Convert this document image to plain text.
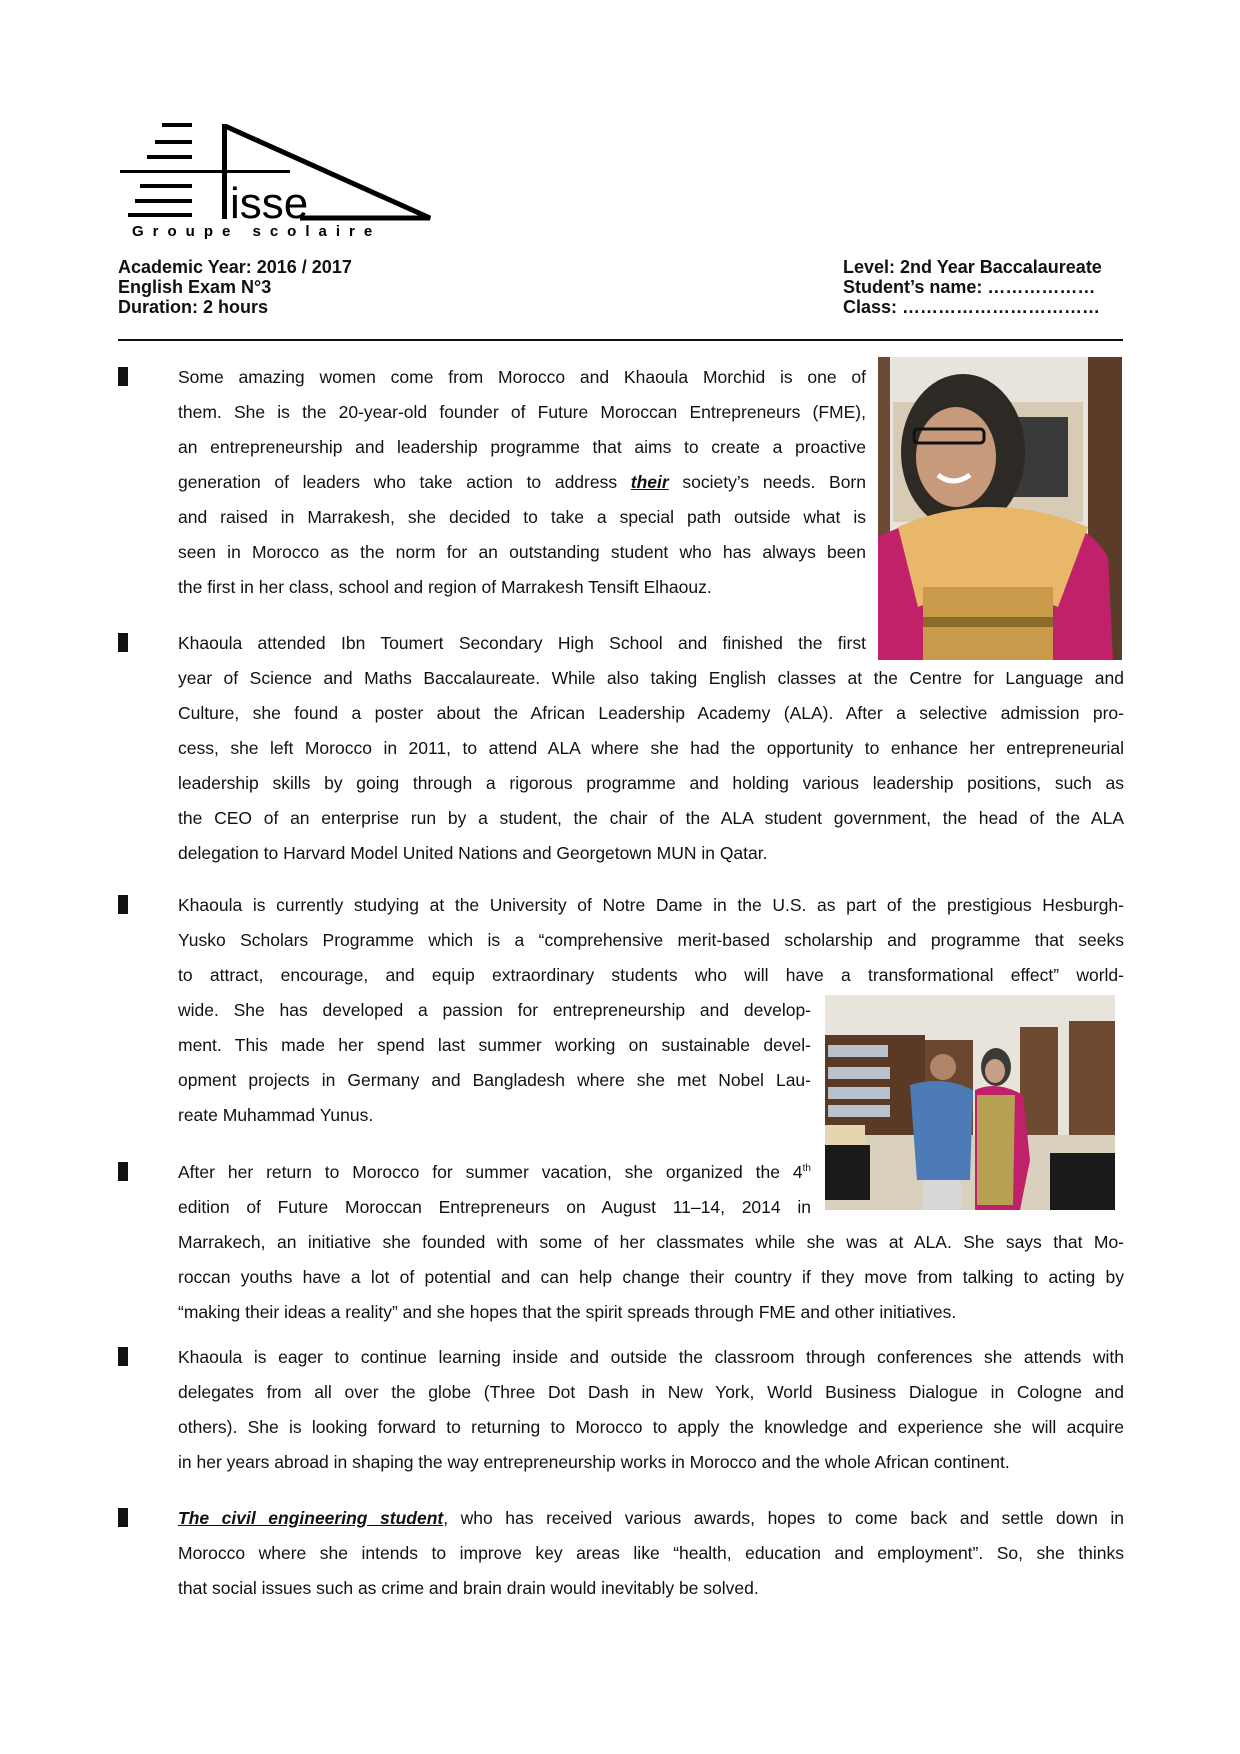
isse
Groupe scolaire
Academic Year: 2016 / 2017
English Exam N°3
Duration: 2 hours
Level: 2nd Year Baccalaureate
Student’s name: ………………
Class: ……………………………
Some amazing women come from Morocco and Khaoula Morchid is one of
them. She is the 20-year-old founder of Future Moroccan Entrepreneurs (FME),
an entrepreneurship and leadership programme that aims to create a proactive
generation of leaders who take action to address their society’s needs. Born
and raised in Marrakesh, she decided to take a special path outside what is
seen in Morocco as the norm for an outstanding student who has always been
the first in her class, school and region of Marrakesh Tensift Elhaouz.
Khaoula attended Ibn Toumert Secondary High School and finished the first
year of Science and Maths Baccalaureate. While also taking English classes at the Centre for Language and
Culture, she found a poster about the African Leadership Academy (ALA). After a selective admission pro-
cess, she left Morocco in 2011, to attend ALA where she had the opportunity to enhance her entrepreneurial
leadership skills by going through a rigorous programme and holding various leadership positions, such as
the CEO of an enterprise run by a student, the chair of the ALA student government, the head of the ALA
delegation to Harvard Model United Nations and Georgetown MUN in Qatar.
Khaoula is currently studying at the University of Notre Dame in the U.S. as part of the prestigious Hesburgh-
Yusko Scholars Programme which is a “comprehensive merit-based scholarship and programme that seeks
to attract, encourage, and equip extraordinary students who will have a transformational effect” world-
wide. She has developed a passion for entrepreneurship and develop-
ment. This made her spend last summer working on sustainable devel-
opment projects in Germany and Bangladesh where she met Nobel Lau-
reate Muhammad Yunus.
After her return to Morocco for summer vacation, she organized the 4th
edition of Future Moroccan Entrepreneurs on August 11–14, 2014 in
Marrakech, an initiative she founded with some of her classmates while she was at ALA. She says that Mo-
roccan youths have a lot of potential and can help change their country if they move from talking to acting by
“making their ideas a reality” and she hopes that the spirit spreads through FME and other initiatives.
Khaoula is eager to continue learning inside and outside the classroom through conferences she attends with
delegates from all over the globe (Three Dot Dash in New York, World Business Dialogue in Cologne and
others). She is looking forward to returning to Morocco to apply the knowledge and experience she will acquire
in her years abroad in shaping the way entrepreneurship works in Morocco and the whole African continent.
The civil engineering student, who has received various awards, hopes to come back and settle down in
Morocco where she intends to improve key areas like “health, education and employment”. So, she thinks
that social issues such as crime and brain drain would inevitably be solved.
